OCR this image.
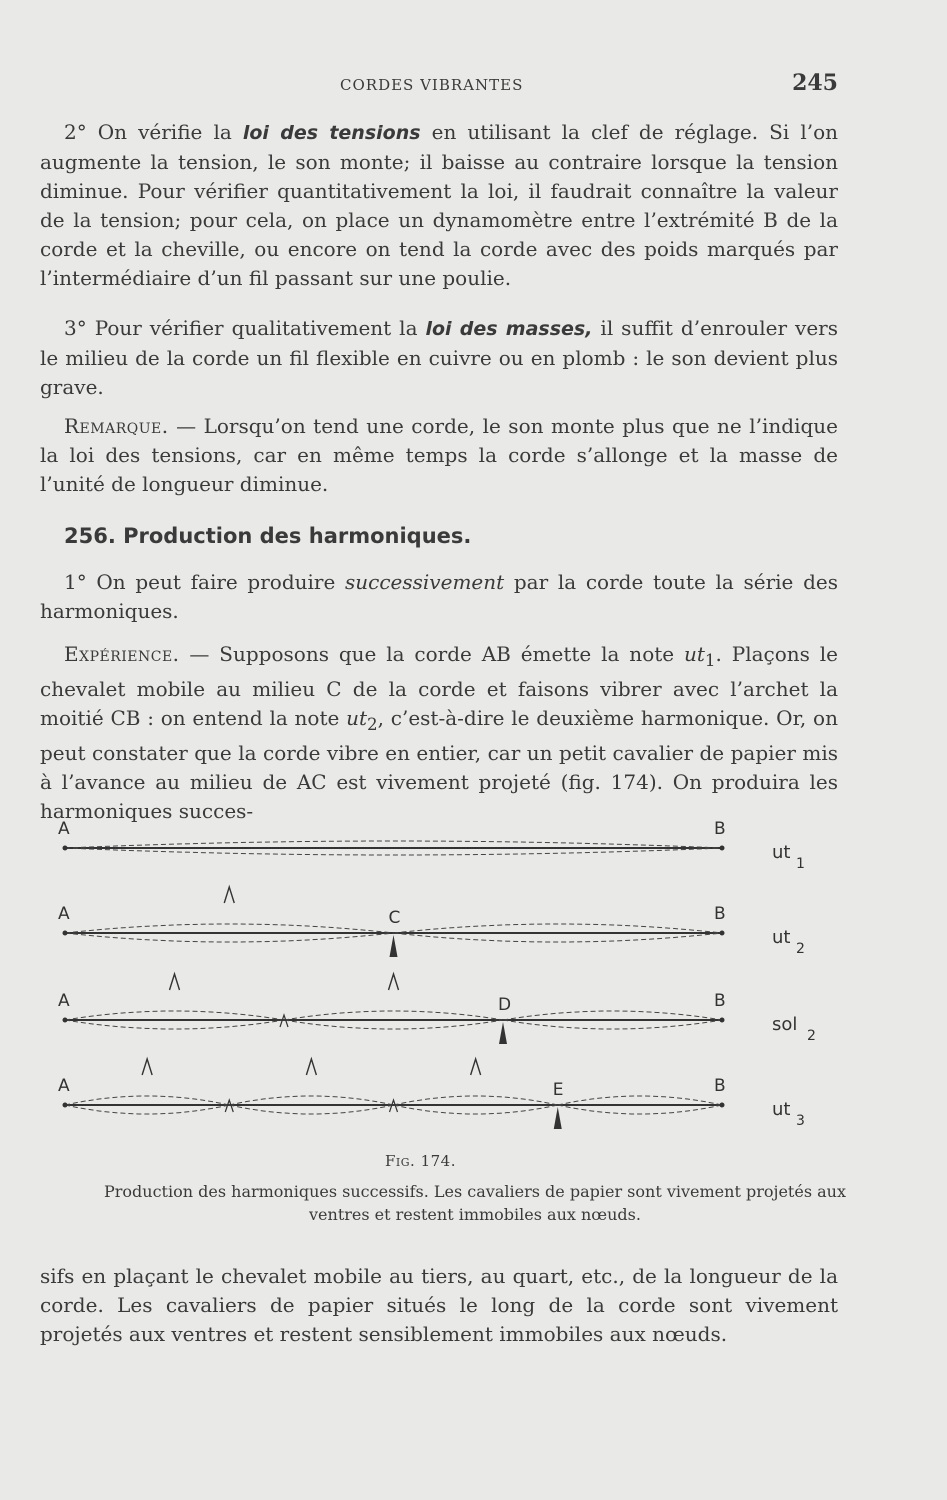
CORDES VIBRANTES	245

2° On vérifie la loi des tensions en utilisant la clef de réglage. Si l’on augmente la tension, le son monte; il baisse au contraire lorsque la tension diminue. Pour vérifier quantitativement la loi, il faudrait connaître la valeur de la tension; pour cela, on place un dynamomètre entre l’extrémité B de la corde et la cheville, ou encore on tend la corde avec des poids marqués par l’intermédiaire d’un fil passant sur une poulie.

3° Pour vérifier qualitativement la loi des masses, il suffit d’enrouler vers le milieu de la corde un fil flexible en cuivre ou en plomb : le son devient plus grave.

Remarque. — Lorsqu’on tend une corde, le son monte plus que ne l’indique la loi des tensions, car en même temps la corde s’allonge et la masse de l’unité de longueur diminue.

256. Production des harmoniques.

1° On peut faire produire successivement par la corde toute la série des harmoniques.

Expérience. — Supposons que la corde AB émette la note $ut_1$. Plaçons le chevalet mobile au milieu C de la corde et faisons vibrer avec l’archet la moitié CB : on entend la note $ut_2$, c’est-à-dire le deuxième harmonique. Or, on peut constater que la corde vibre en entier, car un petit cavalier de papier mis à l’avance au milieu de AC est vivement projeté (fig. 174). On produira les harmoniques succes-

A	B
ut
1
C
A	B
ut
2
D
A	B
sol
2
E
A	B
ut
3
Fig. 174.

Production des harmoniques successifs. Les cavaliers de papier sont vivement projetés aux ventres et restent immobiles aux nœuds.

sifs en plaçant le chevalet mobile au tiers, au quart, etc., de la longueur de la corde. Les cavaliers de papier situés le long de la corde sont vivement projetés aux ventres et restent sensiblement immobiles aux nœuds.
